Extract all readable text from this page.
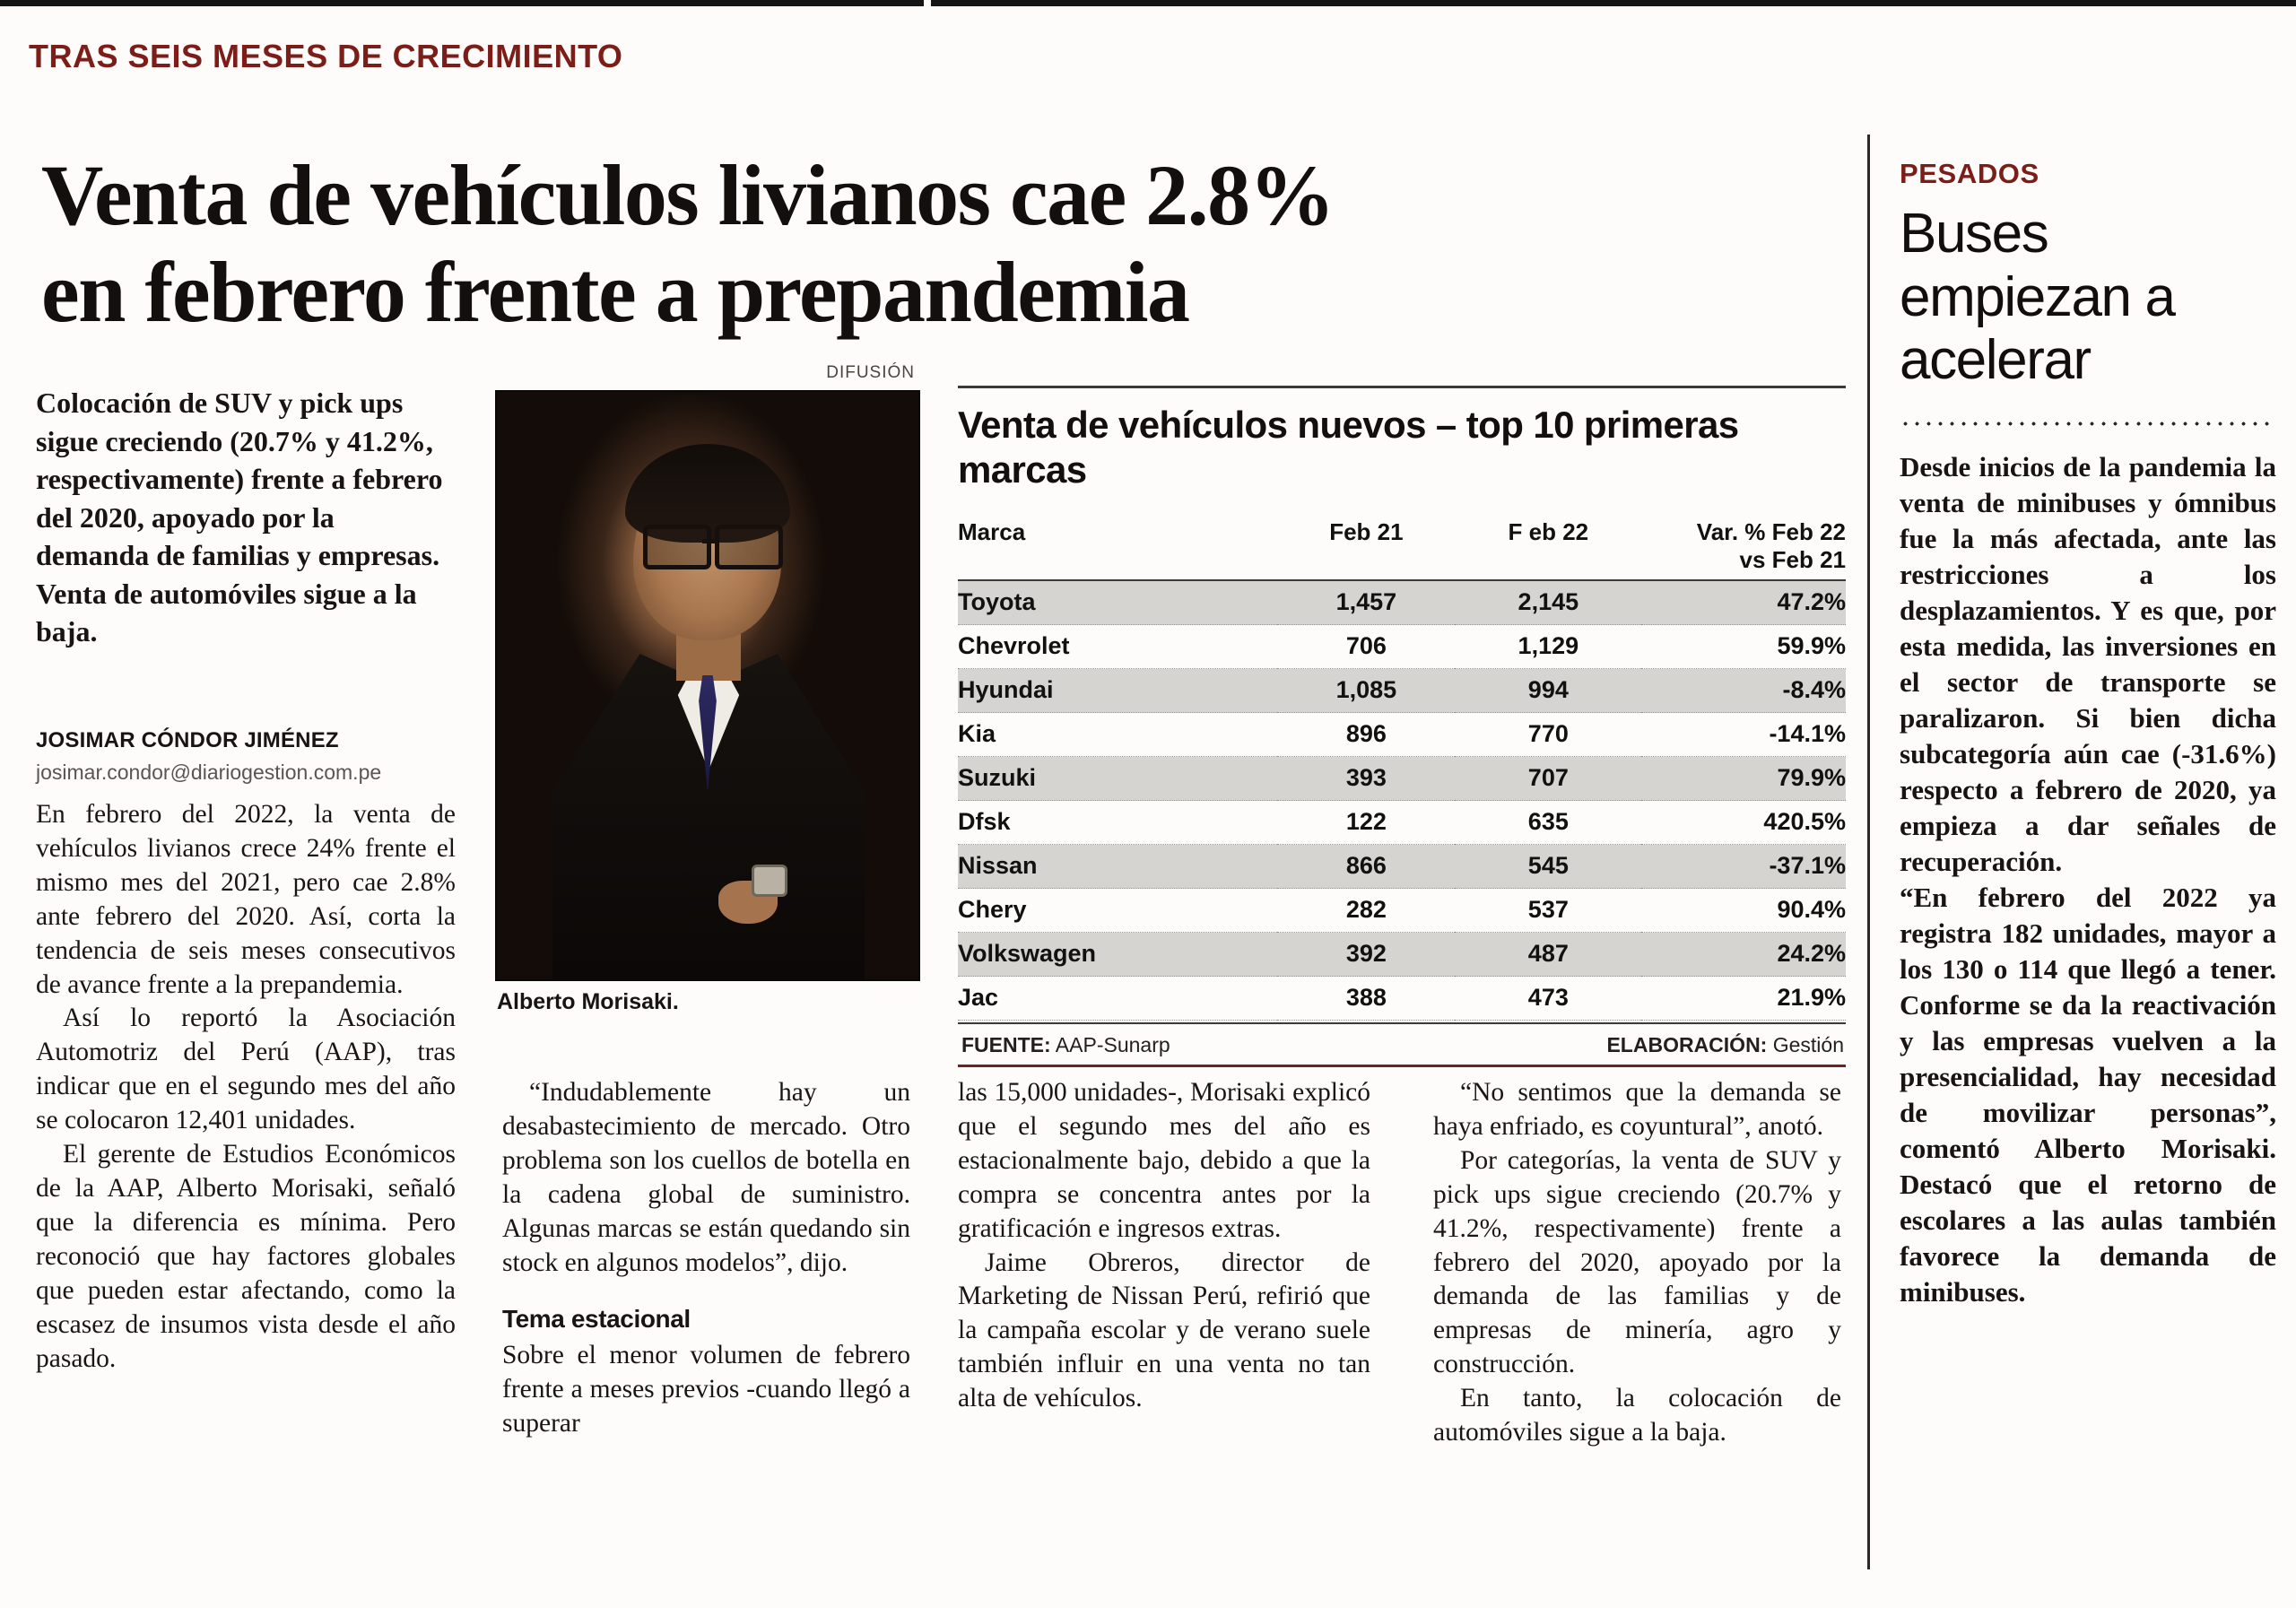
TRAS SEIS MESES DE CRECIMIENTO
Venta de vehículos livianos cae 2.8%
en febrero frente a prepandemia
Colocación de SUV y pick ups sigue creciendo (20.7% y 41.2%, respectivamente) frente a febrero del 2020, apoyado por la demanda de familias y empresas. Venta de automóviles sigue a la baja.
JOSIMAR CÓNDOR JIMÉNEZ
josimar.condor@diariogestion.com.pe

En febrero del 2022, la venta de vehículos livianos crece 24% frente el mismo mes del 2021, pero cae 2.8% ante febrero del 2020. Así, corta la tendencia de seis meses consecutivos de avance frente a la prepandemia.

Así lo reportó la Asociación Automotriz del Perú (AAP), tras indicar que en el segundo mes del año se colocaron 12,401 unidades.

El gerente de Estudios Económicos de la AAP, Alberto Morisaki, señaló que la diferencia es mínima. Pero reconoció que hay factores globales que pueden estar afectando, como la escasez de insumos vista desde el año pasado.

“Indudablemente hay un desabastecimiento de mercado. Otro problema son los cuellos de botella en la cadena global de suministro. Algunas marcas se están quedando sin stock en algunos modelos”, dijo.

Tema estacional

Sobre el menor volumen de febrero frente a meses previos -cuando llegó a superar

las 15,000 unidades-, Morisaki explicó que el segundo mes del año es estacionalmente bajo, debido a que la compra se concentra antes por la gratificación e ingresos extras.

Jaime Obreros, director de Marketing de Nissan Perú, refirió que la campaña escolar y de verano suele también influir en una venta no tan alta de vehículos.

“No sentimos que la demanda se haya enfriado, es coyuntural”, anotó.

Por categorías, la venta de SUV y pick ups sigue creciendo (20.7% y 41.2%, respectivamente) frente a febrero del 2020, apoyado por la demanda de las familias y de empresas de minería, agro y construcción.

En tanto, la colocación de automóviles sigue a la baja.

DIFUSIÓN
Alberto Morisaki.
Venta de vehículos nuevos – top 10 primeras marcas
Marca	Feb 21	F eb 22	Var. % Feb 22
vs Feb 21

Toyota	1,457	2,145	47.2%
Chevrolet	706	1,129	59.9%
Hyundai	1,085	994	-8.4%
Kia	896	770	-14.1%
Suzuki	393	707	79.9%
Dfsk	122	635	420.5%
Nissan	866	545	-37.1%
Chery	282	537	90.4%
Volkswagen	392	487	24.2%
Jac	388	473	21.9%
FUENTE: AAP-Sunarp	ELABORACIÓN: Gestión
PESADOS
Buses empiezan a acelerar

Desde inicios de la pandemia la venta de minibuses y ómnibus fue la más afectada, ante las restricciones a los desplazamientos. Y es que, por esta medida, las inversiones en el sector de transporte se paralizaron. Si bien dicha subcategoría aún cae (-31.6%) respecto a febrero de 2020, ya empieza a dar señales de recuperación.

“En febrero del 2022 ya registra 182 unidades, mayor a los 130 o 114 que llegó a tener. Conforme se da la reactivación y las empresas vuelven a la presencialidad, hay necesidad de movilizar personas”, comentó Alberto Morisaki. Destacó que el retorno de escolares a las aulas también favorece la demanda de minibuses.
